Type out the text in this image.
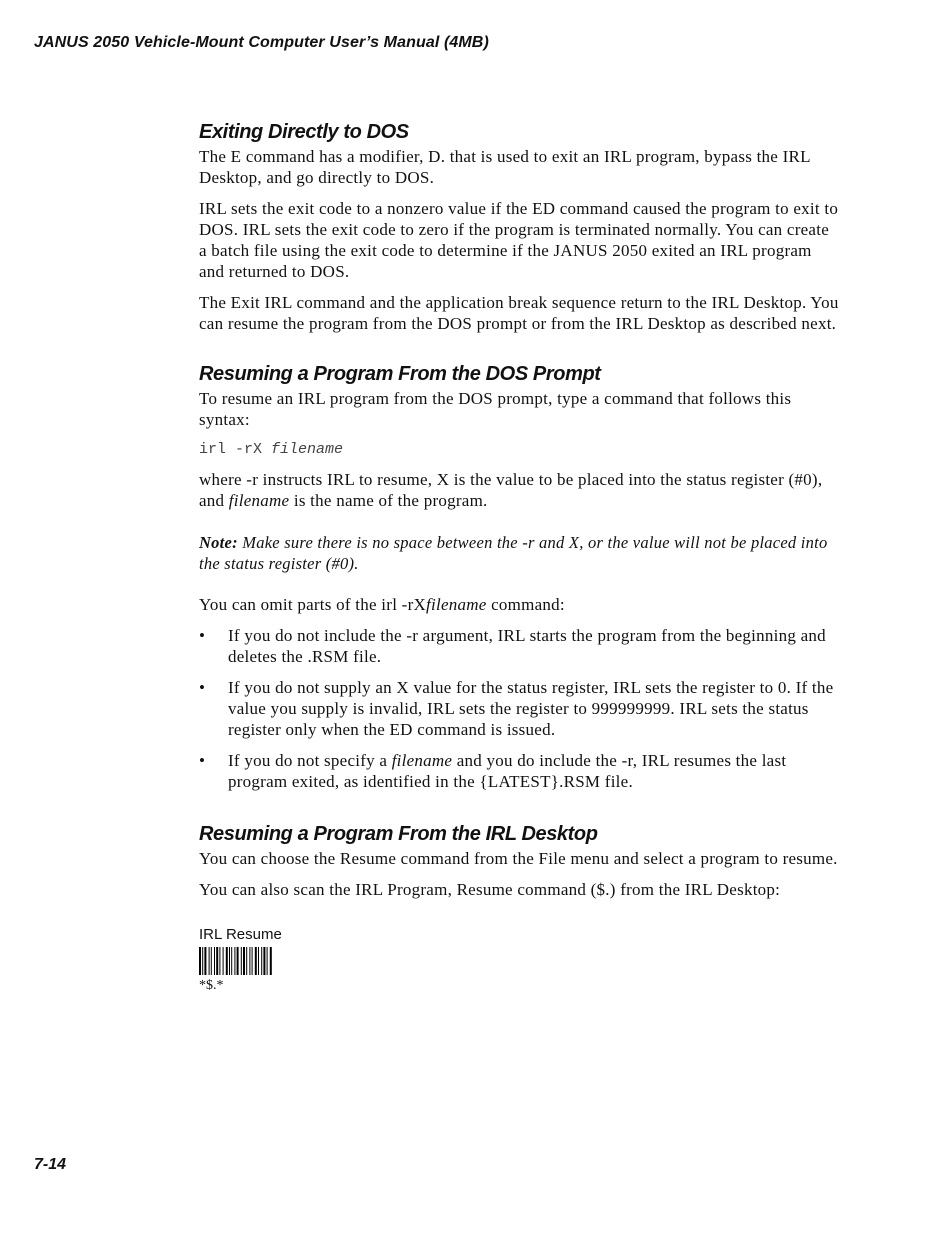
JANUS 2050 Vehicle-Mount Computer User’s Manual (4MB)
Exiting Directly to DOS

The E command has a modifier, D. that is used to exit an IRL program, bypass the IRL Desktop, and go directly to DOS.

IRL sets the exit code to a nonzero value if the ED command caused the program to exit to DOS. IRL sets the exit code to zero if the program is terminated normally. You can create a batch file using the exit code to determine if the JANUS 2050 exited an IRL program and returned to DOS.

The Exit IRL command and the application break sequence return to the IRL Desktop. You can resume the program from the DOS prompt or from the IRL Desktop as described next.

Resuming a Program From the DOS Prompt

To resume an IRL program from the DOS prompt, type a command that follows this syntax:

irl -rX filename

where -r instructs IRL to resume, X is the value to be placed into the status register (#0), and filename is the name of the program.

Note: Make sure there is no space between the -r and X, or the value will not be placed into the status register (#0).

You can omit parts of the irl -rXfilename command:

• If you do not include the -r argument, IRL starts the program from the beginning and deletes the .RSM file.
• If you do not supply an X value for the status register, IRL sets the register to 0. If the value you supply is invalid, IRL sets the register to 999999999. IRL sets the status register only when the ED command is issued.
• If you do not specify a filename and you do include the -r, IRL resumes the last program exited, as identified in the {LATEST}.RSM file.
Resuming a Program From the IRL Desktop

You can choose the Resume command from the File menu and select a program to resume.

You can also scan the IRL Program, Resume command ($.) from the IRL Desktop:

IRL Resume
*$.*
7-14
